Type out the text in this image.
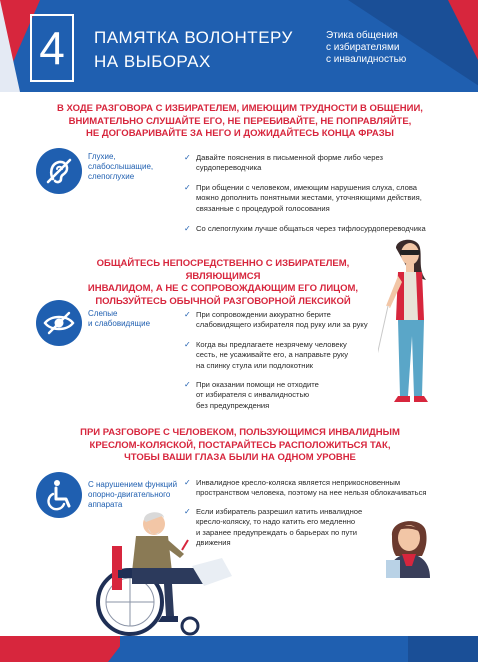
4	ПАМЯТКА ВОЛОНТЕРУ
НА ВЫБОРАХ
Этика общения
с избирателями
с инвалидностью
В ХОДЕ РАЗГОВОРА С ИЗБИРАТЕЛЕМ, ИМЕЮЩИМ ТРУДНОСТИ В ОБЩЕНИИ,
ВНИМАТЕЛЬНО СЛУШАЙТЕ ЕГО, НЕ ПЕРЕБИВАЙТЕ, НЕ ПОПРАВЛЯЙТЕ,
НЕ ДОГОВАРИВАЙТЕ ЗА НЕГО И ДОЖИДАЙТЕСЬ КОНЦА ФРАЗЫ
Глухие,
слабослышащие,
слепоглухие
✓ Давайте пояснения в письменной форме либо через
сурдопереводчика
✓ При общении с человеком, имеющим нарушения слуха, слова
можно дополнить понятными жестами, уточняющими действия,
связанные с процедурой голосования
✓ Со слепоглухим лучше общаться через тифлосурдопереводчика
ОБЩАЙТЕСЬ НЕПОСРЕДСТВЕННО С ИЗБИРАТЕЛЕМ, ЯВЛЯЮЩИМСЯ
ИНВАЛИДОМ, А НЕ С СОПРОВОЖДАЮЩИМ ЕГО ЛИЦОМ,
ПОЛЬЗУЙТЕСЬ ОБЫЧНОЙ РАЗГОВОРНОЙ ЛЕКСИКОЙ
Слепые
и слабовидящие
✓ При сопровождении аккуратно берите
слабовидящего избирателя под руку или за руку
✓ Когда вы предлагаете незрячему человеку
сесть, не усаживайте его, а направьте руку
на спинку стула или подлокотник
✓ При оказании помощи не отходите
от избирателя с инвалидностью
без предупреждения
ПРИ РАЗГОВОРЕ С ЧЕЛОВЕКОМ, ПОЛЬЗУЮЩИМСЯ ИНВАЛИДНЫМ
КРЕСЛОМ-КОЛЯСКОЙ, ПОСТАРАЙТЕСЬ РАСПОЛОЖИТЬСЯ ТАК,
ЧТОБЫ ВАШИ ГЛАЗА БЫЛИ НА ОДНОМ УРОВНЕ
С нарушением функций
опорно-двигательного
аппарата
✓ Инвалидное кресло-коляска является неприкосновенным
пространством человека, поэтому на нее нельзя облокачиваться
✓ Если избиратель разрешил катить инвалидное
кресло-коляску, то надо катить его медленно
и заранее предупреждать о барьерах по пути
движения
